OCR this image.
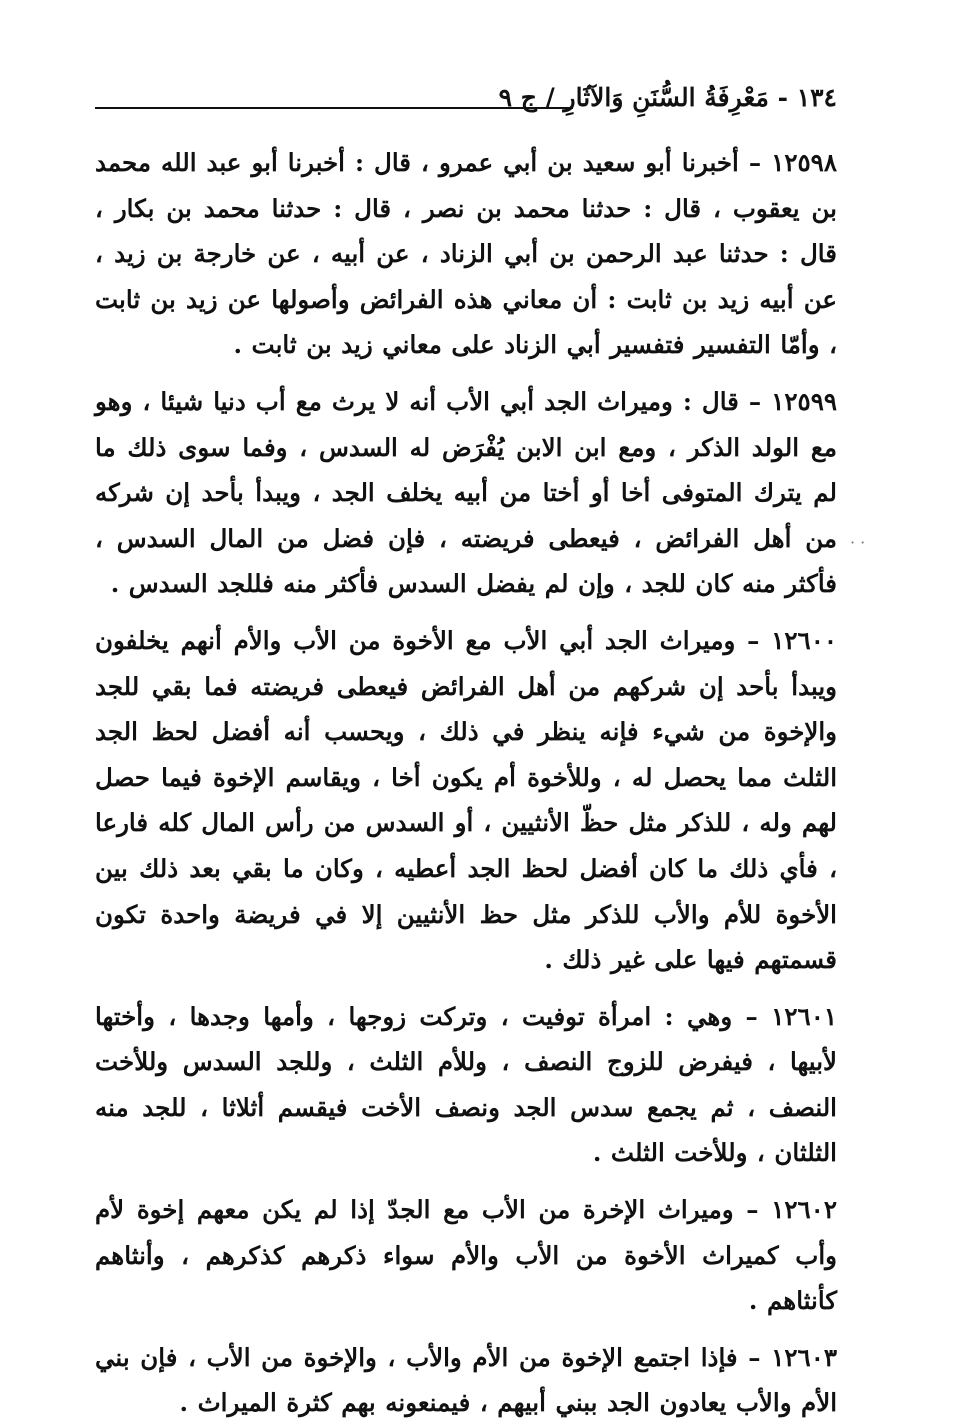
١٣٤ - مَعْرِفَةُ السُّنَنِ وَالآثَارِ / ج ٩

١٢٥٩٨ – أخبرنا أبو سعيد بن أبي عمرو ، قال : أخبرنا أبو عبد الله محمد بن يعقوب ، قال : حدثنا محمد بن نصر ، قال : حدثنا محمد بن بكار ، قال : حدثنا عبد الرحمن بن أبي الزناد ، عن أبيه ، عن خارجة بن زيد ، عن أبيه زيد بن ثابت : أن معاني هذه الفرائض وأصولها عن زيد بن ثابت ، وأمّا التفسير فتفسير أبي الزناد على معاني زيد بن ثابت .

١٢٥٩٩ – قال : وميراث الجد أبي الأب أنه لا يرث مع أب دنيا شيئا ، وهو مع الولد الذكر ، ومع ابن الابن يُفْرَض له السدس ، وفما سوى ذلك ما لم يترك المتوفى أخا أو أختا من أبيه يخلف الجد ، ويبدأ بأحد إن شركه من أهل الفرائض ، فيعطى فريضته ، فإن فضل من المال السدس ، فأكثر منه كان للجد ، وإن لم يفضل السدس فأكثر منه فللجد السدس .

١٢٦٠٠ – وميراث الجد أبي الأب مع الأخوة من الأب والأم أنهم يخلفون ويبدأ بأحد إن شركهم من أهل الفرائض فيعطى فريضته فما بقي للجد والإخوة من شيء فإنه ينظر في ذلك ، ويحسب أنه أفضل لحظ الجد الثلث مما يحصل له ، وللأخوة أم يكون أخا ، ويقاسم الإخوة فيما حصل لهم وله ، للذكر مثل حظّ الأنثيين ، أو السدس من رأس المال كله فارعا ، فأي ذلك ما كان أفضل لحظ الجد أعطيه ، وكان ما بقي بعد ذلك بين الأخوة للأم والأب للذكر مثل حظ الأنثيين إلا في فريضة واحدة تكون قسمتهم فيها على غير ذلك .

١٢٦٠١ – وهي : امرأة توفيت ، وتركت زوجها ، وأمها وجدها ، وأختها لأبيها ، فيفرض للزوج النصف ، وللأم الثلث ، وللجد السدس وللأخت النصف ، ثم يجمع سدس الجد ونصف الأخت فيقسم أثلاثا ، للجد منه الثلثان ، وللأخت الثلث .

١٢٦٠٢ – وميراث الإخرة من الأب مع الجدّ إذا لم يكن معهم إخوة لأم وأب كميراث الأخوة من الأب والأم سواء ذكرهم كذكرهم ، وأنثاهم كأنثاهم .

١٢٦٠٣ – فإذا اجتمع الإخوة من الأم والأب ، والإخوة من الأب ، فإن بني الأم والأب يعادون الجد ببني أبيهم ، فيمنعونه بهم كثرة الميراث .

· ·
